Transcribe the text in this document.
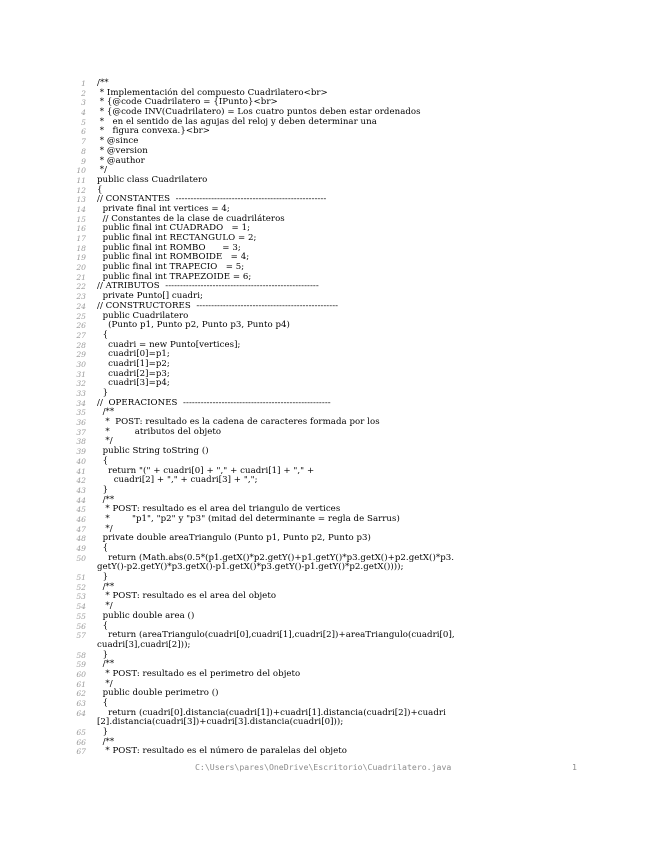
1 /**
2 * Implementación del compuesto Cuadrilatero<br>
3 * {@code Cuadrilatero = {IPunto}<br>
4 * {@code INV(Cuadrilatero) = Los cuatro puntos deben estar ordenados
5 *   en el sentido de las agujas del reloj y deben determinar una
6 *   figura convexa.}<br>
7 * @since
8 * @version
9 * @author
10 */
11 public class Cuadrilatero
12 {
13 // CONSTANTES  ---------------------------------------------------
14 private final int vertices = 4;
15 // Constantes de la clase de cuadriláteros
16 public final int CUADRADO   = 1;
17 public final int RECTANGULO = 2;
18 public final int ROMBO      = 3;
19 public final int ROMBOIDE   = 4;
20 public final int TRAPECIO   = 5;
21 public final int TRAPEZOIDE = 6;
22 // ATRIBUTOS  ----------------------------------------------------
23 private Punto[] cuadri;
24 // CONSTRUCTORES  ------------------------------------------------
25 public Cuadrilatero
26 (Punto p1, Punto p2, Punto p3, Punto p4)
27 {
28 cuadri = new Punto[vertices];
29 cuadri[0]=p1;
30 cuadri[1]=p2;
31 cuadri[2]=p3;
32 cuadri[3]=p4;
33 }
34 //  OPERACIONES  --------------------------------------------------
35 /**
36 *  POST: resultado es la cadena de caracteres formada por los
37 *         atributos del objeto
38 */
39 public String toString ()
40 {
41 return "(" + cuadri[0] + "," + cuadri[1] + "," +
42 cuadri[2] + "," + cuadri[3] + ",";
43 }
44 /**
45 * POST: resultado es el area del triangulo de vertices
46 *        "p1", "p2" y "p3" (mitad del determinante = regla de Sarrus)
47 */
48 private double areaTriangulo (Punto p1, Punto p2, Punto p3)
49 {
50 return (Math.abs(0.5*(p1.getX()*p2.getY()+p1.getY()*p3.getX()+p2.getX()*p3.
getY()-p2.getY()*p3.getX()-p1.getX()*p3.getY()-p1.getY()*p2.getX())));
51 }
52 /**
53 * POST: resultado es el area del objeto
54 */
55 public double area ()
56 {
57 return (areaTriangulo(cuadri[0],cuadri[1],cuadri[2])+areaTriangulo(cuadri[0],
cuadri[3],cuadri[2]));
58 }
59 /**
60 * POST: resultado es el perimetro del objeto
61 */
62 public double perimetro ()
63 {
64 return (cuadri[0].distancia(cuadri[1])+cuadri[1].distancia(cuadri[2])+cuadri
[2].distancia(cuadri[3])+cuadri[3].distancia(cuadri[0]));
65 }
66 /**
67 * POST: resultado es el número de paralelas del objeto
C:\Users\pares\OneDrive\Escritorio\Cuadrilatero.java	1
